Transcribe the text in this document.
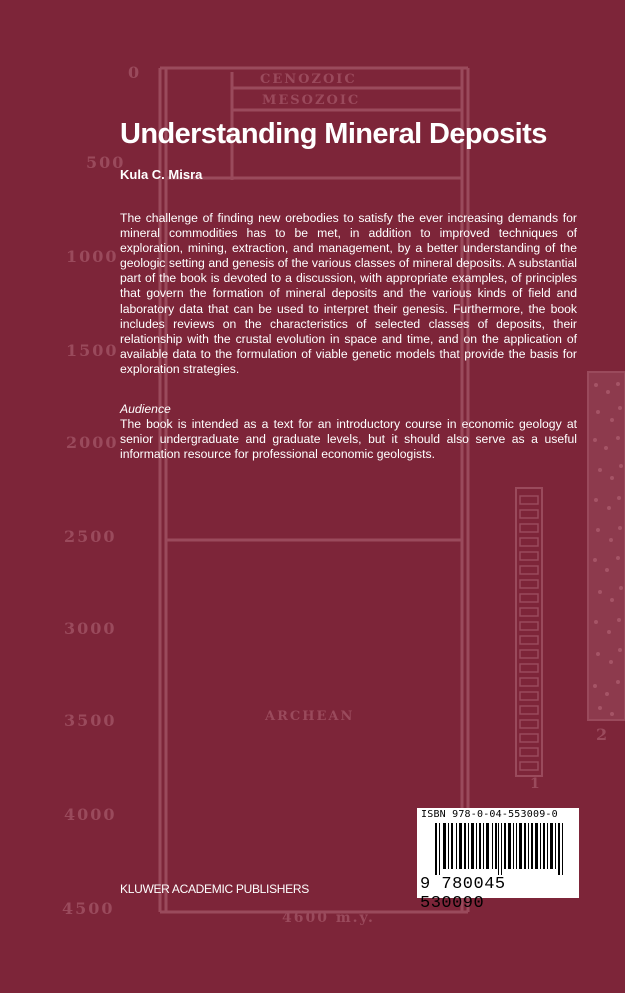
CENOZOIC
MESOZOIC
ARCHEAN
0
500
1000
1500
2000
2500
3000
3500
4000
4500	4600 m.y.
1
2
Understanding Mineral Deposits

Kula C. Misra

The challenge of finding new orebodies to satisfy the ever increasing demands for mineral commodities has to be met, in addition to improved techniques of exploration, mining, extraction, and management, by a better understanding of the geologic setting and genesis of the various classes of mineral deposits. A substantial part of the book is devoted to a discussion, with appropriate examples, of principles that govern the formation of mineral deposits and the various kinds of field and laboratory data that can be used to interpret their genesis. Furthermore, the book includes reviews on the characteristics of selected classes of deposits, their relationship with the crustal evolution in space and time, and on the application of available data to the formulation of viable genetic models that provide the basis for exploration strategies.

Audience

The book is intended as a text for an introductory course in economic geology at senior undergraduate and graduate levels, but it should also serve as a useful information resource for professional economic geologists.

KLUWER ACADEMIC PUBLISHERS

ISBN 978-0-04-553009-0
9 780045 530090
